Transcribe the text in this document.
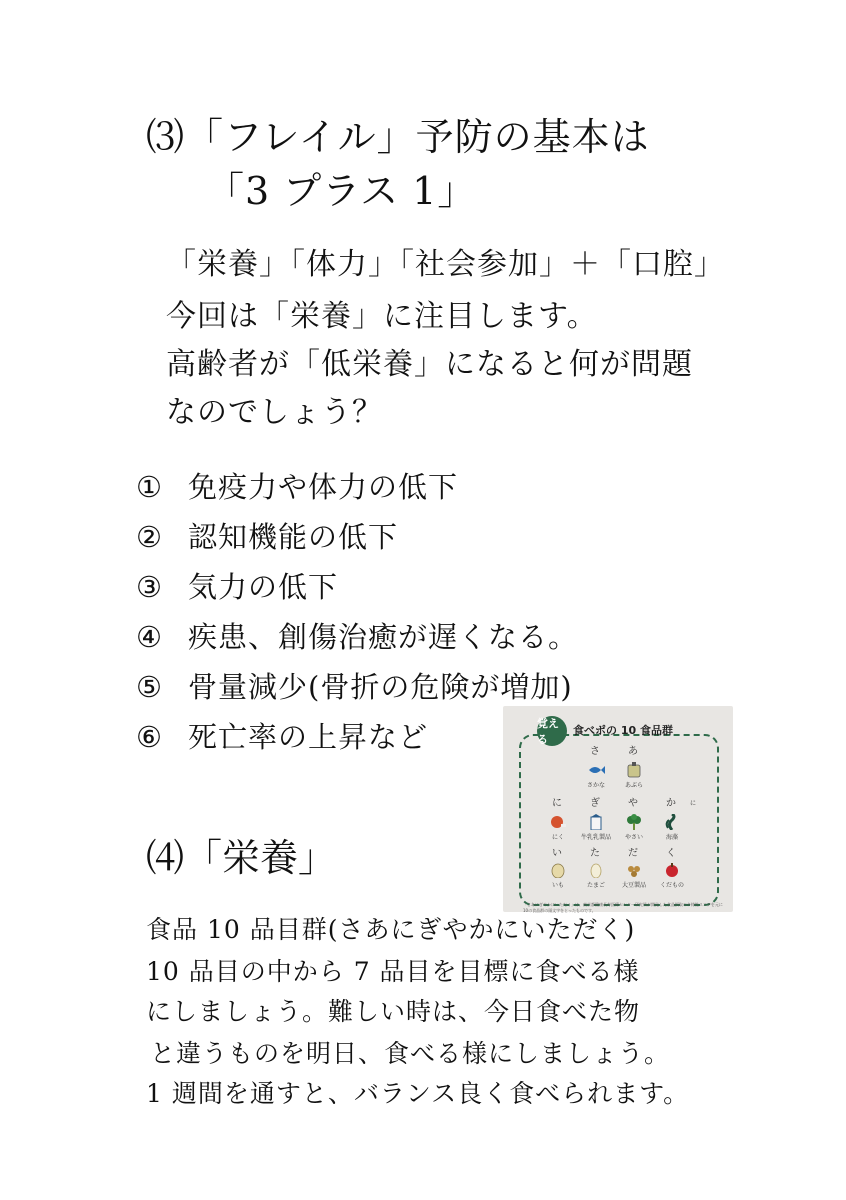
⑶「フレイル」予防の基本は
「3 プラス 1」
「栄養」「体力」「社会参加」＋「口腔」
今回は「栄養」に注目します。
高齢者が「低栄養」になると何が問題
なのでしょう？
① 免疫力や体力の低下
② 認知機能の低下
③ 気力の低下
④ 疾患、創傷治癒が遅くなる。
⑤ 骨量減少(骨折の危険が増加)
⑥ 死亡率の上昇など	覚える
食べポの 10 食品群
さ	あ
さかな	あぶら
に	ぎ	や	か	に
にく	牛乳乳製品	やさい	海藻
い	た	だ	く
いも	たまご	大豆製品	くだもの
「さあにぎやかにいただく」は、東京都健康長寿医療センター研究所が開発した食品摂取の多様性スコアを元に10の食品群の頭文字をとったものです。
⑷「栄養」
食品 10 品目群(さあにぎやかにいただく)
10 品目の中から 7 品目を目標に食べる様
にしましょう。難しい時は、今日食べた物
と違うものを明日、食べる様にしましょう。
1 週間を通すと、バランス良く食べられます。
